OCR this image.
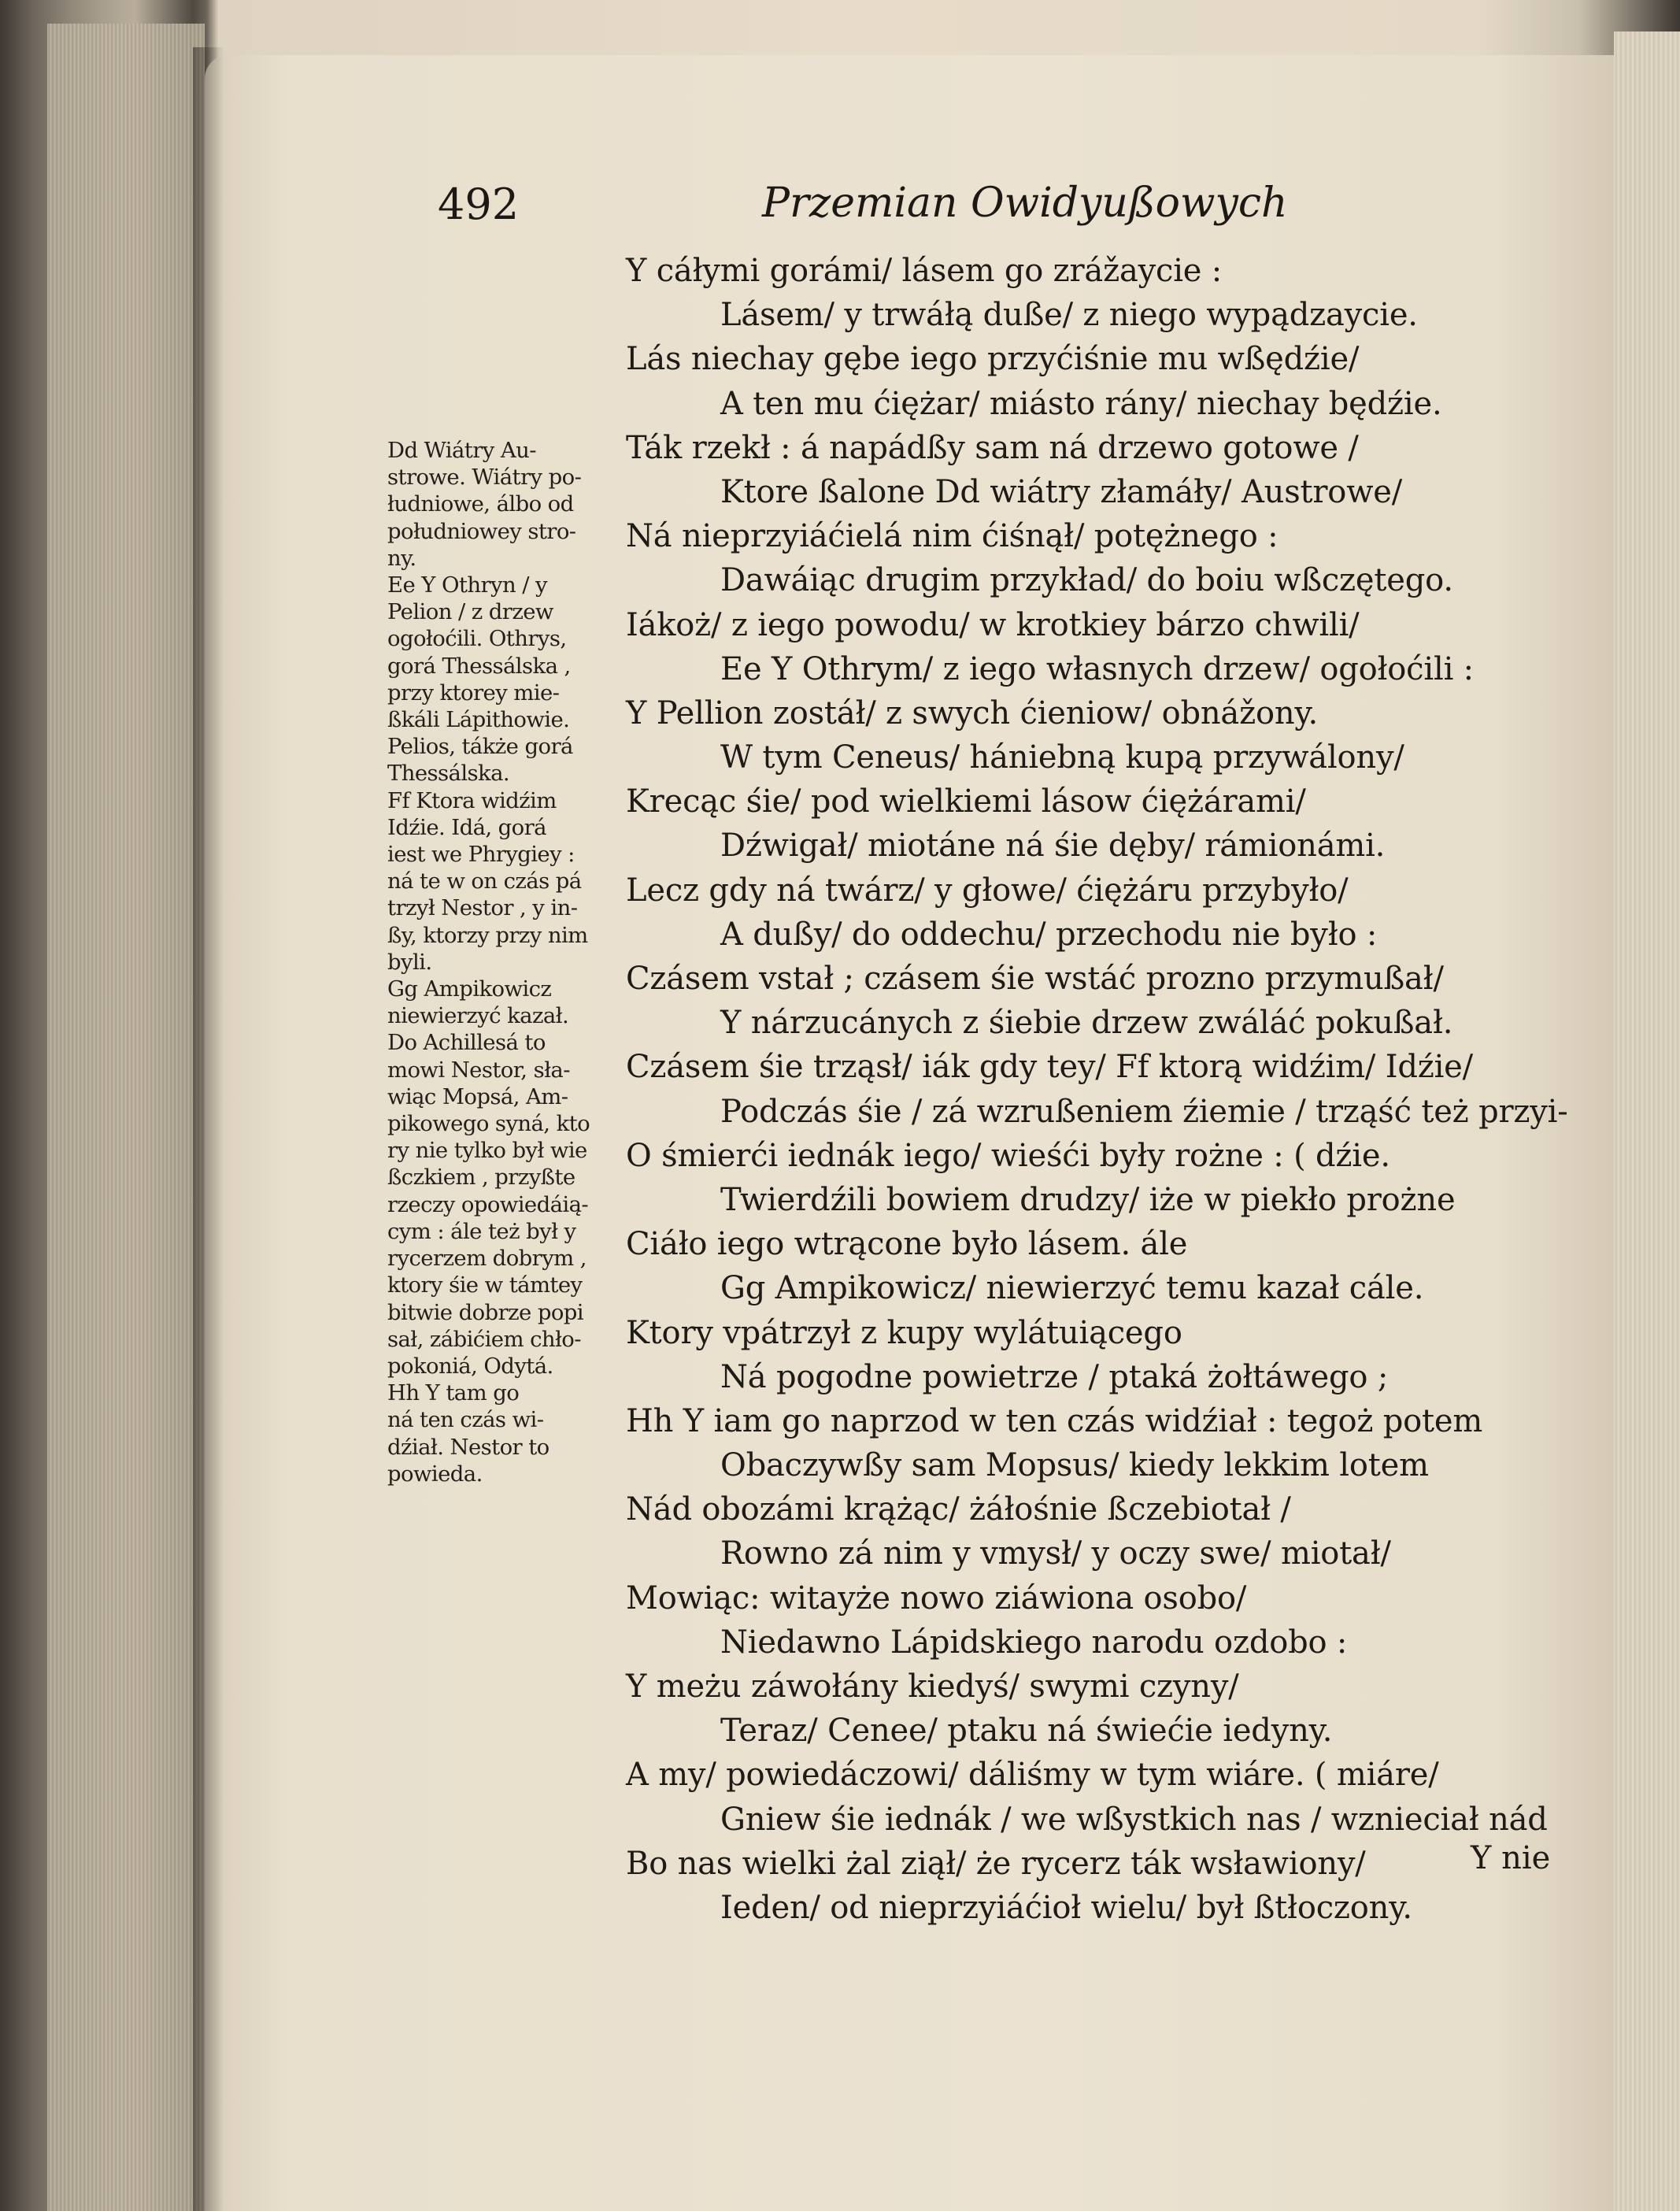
492	Przemian Owidyußowych
Y cáłymi gorámi/ lásem go zrážaycie :
Lásem/ y trwáłą duße/ z niego wypądzaycie.
Lás niechay gębe iego przyćiśnie mu wßędźie/
A ten mu ćiężar/ miásto rány/ niechay będźie.
Ták rzekł : á napádßy sam ná drzewo gotowe /
Ktore ßalone Dd wiátry złamáły/ Austrowe/
Ná nieprzyiáćielá nim ćiśnął/ potężnego :
Dawáiąc drugim przykład/ do boiu wßczętego.
Iákoż/ z iego powodu/ w krotkiey bárzo chwili/
Ee Y Othrym/ z iego własnych drzew/ ogołoćili :
Y Pellion zostáł/ z swych ćieniow/ obnážony.
W tym Ceneus/ hániebną kupą przywálony/
Krecąc śie/ pod wielkiemi lásow ćiężárami/
Dźwigał/ miotáne ná śie dęby/ rámionámi.
Lecz gdy ná twárz/ y głowe/ ćiężáru przybyło/
A dußy/ do oddechu/ przechodu nie było :
Czásem vstał ; czásem śie wstáć prozno przymußał/
Y nárzucánych z śiebie drzew zwáláć pokußał.
Czásem śie trząsł/ iák gdy tey/ Ff ktorą widźim/ Idźie/
Podczás śie / zá wzrußeniem źiemie / trząść też przyi-
O śmierći iednák iego/ wieśći były rożne : ( dźie.
Twierdźili bowiem drudzy/ iże w piekło prożne
Ciáło iego wtrącone było lásem. ále
Gg Ampikowicz/ niewierzyć temu kazał cále.
Ktory vpátrzył z kupy wylátuiącego
Ná pogodne powietrze / ptaká żołtáwego ;
Hh Y iam go naprzod w ten czás widźiał : tegoż potem
Obaczywßy sam Mopsus/ kiedy lekkim lotem
Nád obozámi krążąc/ żáłośnie ßczebiotał /
Rowno zá nim y vmysł/ y oczy swe/ miotał/
Mowiąc: witayże nowo ziáwiona osobo/
Niedawno Lápidskiego narodu ozdobo :
Y meżu záwołány kiedyś/ swymi czyny/
Teraz/ Cenee/ ptaku ná świećie iedyny.
A my/ powiedáczowi/ dáliśmy w tym wiáre. ( miáre/
Gniew śie iednák / we wßystkich nas / wznieciał nád
Bo nas wielki żal ziął/ że rycerz ták wsławiony/
Ieden/ od nieprzyiáćioł wielu/ był ßtłoczony.
Dd Wiátry Au-
strowe. Wiátry po-
łudniowe, álbo od
południowey stro-
ny.
Ee Y Othryn / y
Pelion / z drzew
ogołoćili. Othrys,
gorá Thessálska ,
przy ktorey mie-
ßkáli Lápithowie.
Pelios, tákże gorá
Thessálska.
Ff Ktora widźim
Idźie. Idá, gorá
iest we Phrygiey :
ná te w on czás pá
trzył Nestor , y in-
ßy, ktorzy przy nim
byli.
Gg Ampikowicz
niewierzyć kazał.
Do Achillesá to
mowi Nestor, sła-
wiąc Mopsá, Am-
pikowego syná, kto
ry nie tylko był wie
ßczkiem , przyßte
rzeczy opowiedáią-
cym : ále też był y
rycerzem dobrym ,
ktory śie w támtey
bitwie dobrze popi
sał, zábićiem chło-
pokoniá, Odytá.
Hh Y tam go
ná ten czás wi-
dźiał. Nestor to
powieda.
Y nie
